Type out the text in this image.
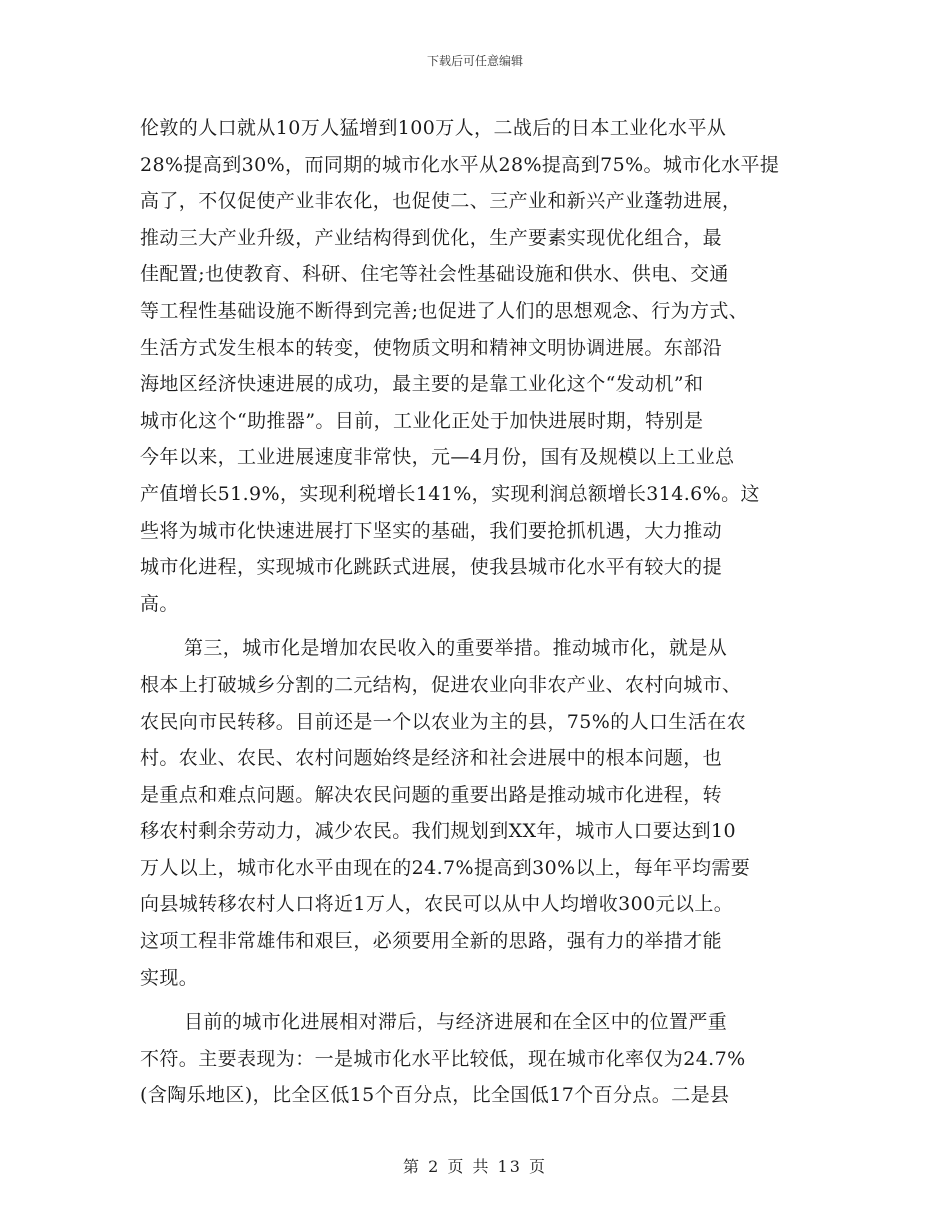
下载后可任意编辑
伦敦的人口就从10万人猛增到100万人，二战后的日本工业化水平从
28%提高到30%，而同期的城市化水平从28%提高到75%。城市化水平提
高了，不仅促使产业非农化，也促使二、三产业和新兴产业蓬勃进展，
推动三大产业升级，产业结构得到优化，生产要素实现优化组合，最
佳配置;也使教育、科研、住宅等社会性基础设施和供水、供电、交通
等工程性基础设施不断得到完善;也促进了人们的思想观念、行为方式、
生活方式发生根本的转变，使物质文明和精神文明协调进展。东部沿
海地区经济快速进展的成功，最主要的是靠工业化这个“发动机”和
城市化这个“助推器”。目前，工业化正处于加快进展时期，特别是
今年以来，工业进展速度非常快，元—4月份，国有及规模以上工业总
产值增长51.9%，实现利税增长141%，实现利润总额增长314.6%。这
些将为城市化快速进展打下坚实的基础，我们要抢抓机遇，大力推动
城市化进程，实现城市化跳跃式进展，使我县城市化水平有较大的提
高。
第三，城市化是增加农民收入的重要举措。推动城市化，就是从
根本上打破城乡分割的二元结构，促进农业向非农产业、农村向城市、
农民向市民转移。目前还是一个以农业为主的县，75%的人口生活在农
村。农业、农民、农村问题始终是经济和社会进展中的根本问题，也
是重点和难点问题。解决农民问题的重要出路是推动城市化进程，转
移农村剩余劳动力，减少农民。我们规划到XX年，城市人口要达到10
万人以上，城市化水平由现在的24.7%提高到30%以上，每年平均需要
向县城转移农村人口将近1万人，农民可以从中人均增收300元以上。
这项工程非常雄伟和艰巨，必须要用全新的思路，强有力的举措才能
实现。
目前的城市化进展相对滞后，与经济进展和在全区中的位置严重
不符。主要表现为：一是城市化水平比较低，现在城市化率仅为24.7%
(含陶乐地区)，比全区低15个百分点，比全国低17个百分点。二是县
第 2 页 共 13 页
